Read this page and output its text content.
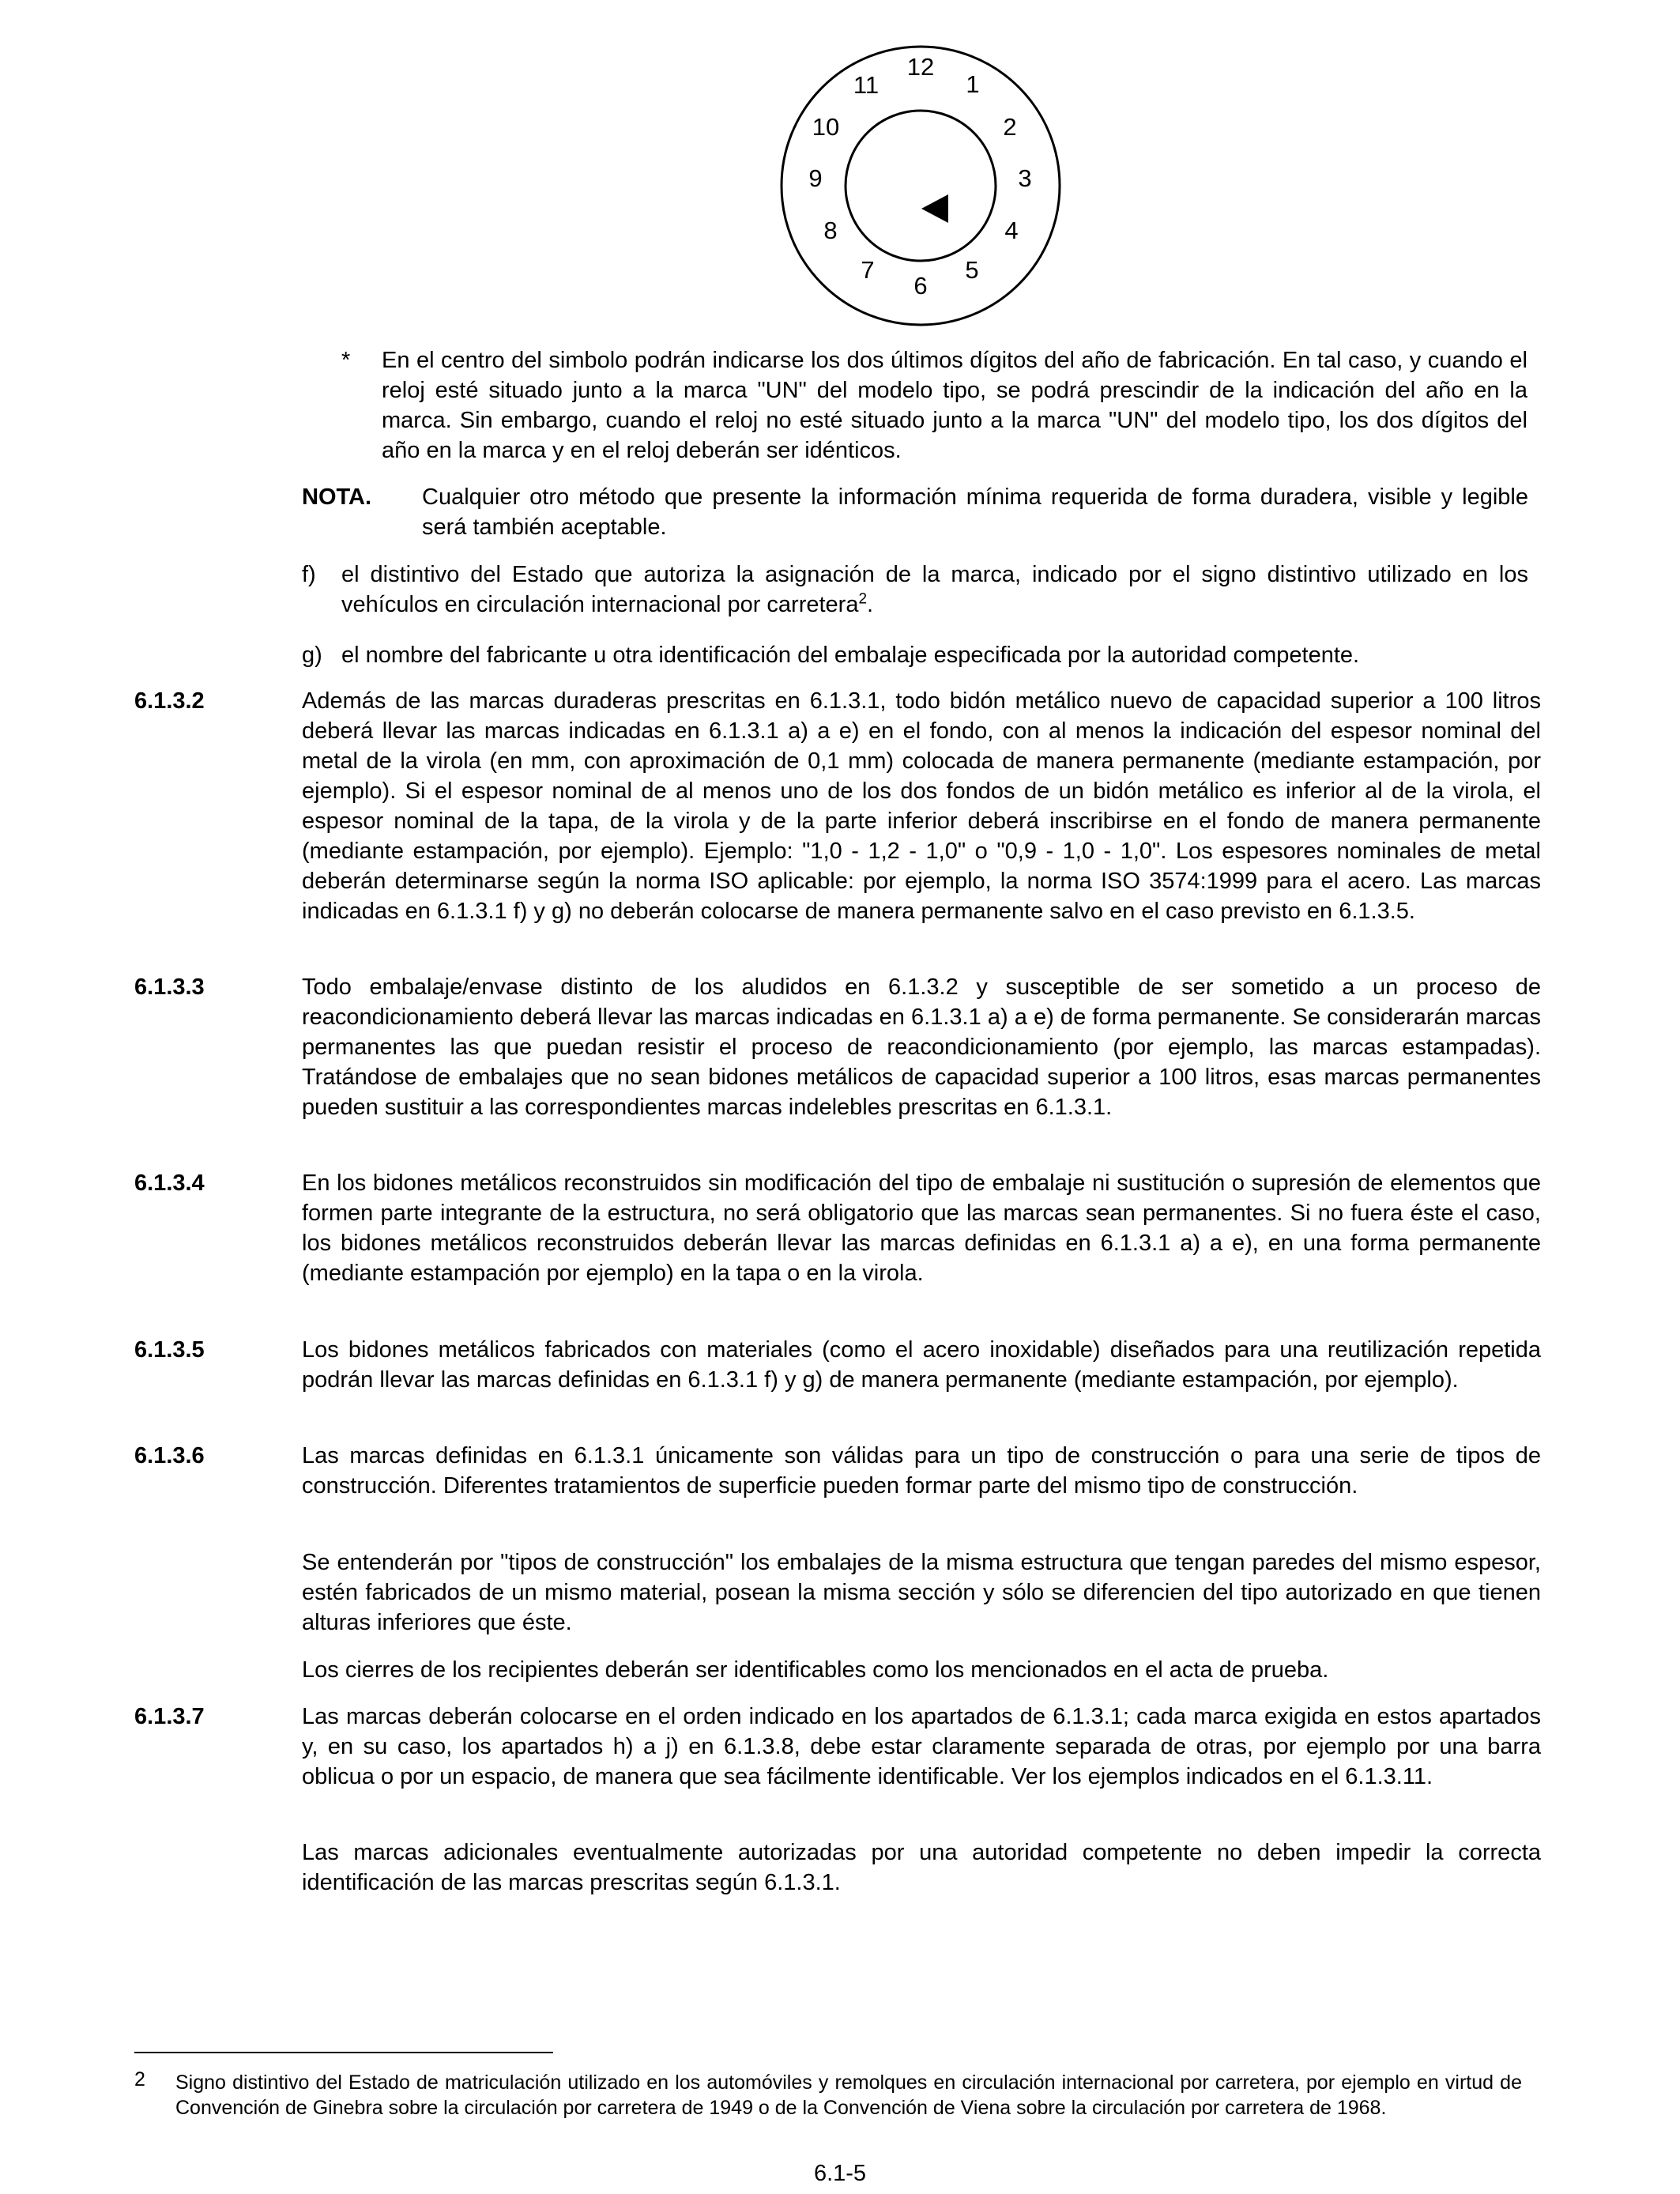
12
1
2
3
4
5
6
7
8
9
10
11

* En el centro del simbolo podrán indicarse los dos últimos dígitos del año de fabricación. En tal caso, y cuando el reloj esté situado junto a la marca "UN" del modelo tipo, se podrá prescindir de la indicación del año en la marca. Sin embargo, cuando el reloj no esté situado junto a la marca "UN" del modelo tipo, los dos dígitos del año en la marca y en el reloj deberán ser idénticos.

NOTA. Cualquier otro método que presente la información mínima requerida de forma duradera, visible y legible será también aceptable.

f) el distintivo del Estado que autoriza la asignación de la marca, indicado por el signo distintivo utilizado en los vehículos en circulación internacional por carretera$^2$.

g) el nombre del fabricante u otra identificación del embalaje especificada por la autoridad competente.

6.1.3.2	Además de las marcas duraderas prescritas en 6.1.3.1, todo bidón metálico nuevo de capacidad superior a 100 litros deberá llevar las marcas indicadas en 6.1.3.1 a) a e) en el fondo, con al menos la indicación del espesor nominal del metal de la virola (en mm, con aproximación de 0,1 mm) colocada de manera permanente (mediante estampación, por ejemplo). Si el espesor nominal de al menos uno de los dos fondos de un bidón metálico es inferior al de la virola, el espesor nominal de la tapa, de la virola y de la parte inferior deberá inscribirse en el fondo de manera permanente (mediante estampación, por ejemplo). Ejemplo: "1,0 - 1,2 - 1,0" o "0,9 - 1,0 - 1,0". Los espesores nominales de metal deberán determinarse según la norma ISO aplicable: por ejemplo, la norma ISO 3574:1999 para el acero. Las marcas indicadas en 6.1.3.1 f) y g) no deberán colocarse de manera permanente salvo en el caso previsto en 6.1.3.5.

6.1.3.3	Todo embalaje/envase distinto de los aludidos en 6.1.3.2 y susceptible de ser sometido a un proceso de reacondicionamiento deberá llevar las marcas indicadas en 6.1.3.1 a) a e) de forma permanente. Se considerarán marcas permanentes las que puedan resistir el proceso de reacondicionamiento (por ejemplo, las marcas estampadas). Tratándose de embalajes que no sean bidones metálicos de capacidad superior a 100 litros, esas marcas permanentes pueden sustituir a las correspondientes marcas indelebles prescritas en 6.1.3.1.

6.1.3.4	En los bidones metálicos reconstruidos sin modificación del tipo de embalaje ni sustitución o supresión de elementos que formen parte integrante de la estructura, no será obligatorio que las marcas sean permanentes. Si no fuera éste el caso, los bidones metálicos reconstruidos deberán llevar las marcas definidas en 6.1.3.1 a) a e), en una forma permanente (mediante estampación por ejemplo) en la tapa o en la virola.

6.1.3.5	Los bidones metálicos fabricados con materiales (como el acero inoxidable) diseñados para una reutilización repetida podrán llevar las marcas definidas en 6.1.3.1 f) y g) de manera permanente (mediante estampación, por ejemplo).

6.1.3.6	Las marcas definidas en 6.1.3.1 únicamente son válidas para un tipo de construcción o para una serie de tipos de construcción. Diferentes tratamientos de superficie pueden formar parte del mismo tipo de construcción.

Se entenderán por "tipos de construcción" los embalajes de la misma estructura que tengan paredes del mismo espesor, estén fabricados de un mismo material, posean la misma sección y sólo se diferencien del tipo autorizado en que tienen alturas inferiores que éste.

Los cierres de los recipientes deberán ser identificables como los mencionados en el acta de prueba.

6.1.3.7	Las marcas deberán colocarse en el orden indicado en los apartados de 6.1.3.1; cada marca exigida en estos apartados y, en su caso, los apartados h) a j) en 6.1.3.8, debe estar claramente separada de otras, por ejemplo por una barra oblicua o por un espacio, de manera que sea fácilmente identificable. Ver los ejemplos indicados en el 6.1.3.11.

Las marcas adicionales eventualmente autorizadas por una autoridad competente no deben impedir la correcta identificación de las marcas prescritas según 6.1.3.1.

2 Signo distintivo del Estado de matriculación utilizado en los automóviles y remolques en circulación internacional por carretera, por ejemplo en virtud de Convención de Ginebra sobre la circulación por carretera de 1949 o de la Convención de Viena sobre la circulación por carretera de 1968.

6.1-5
